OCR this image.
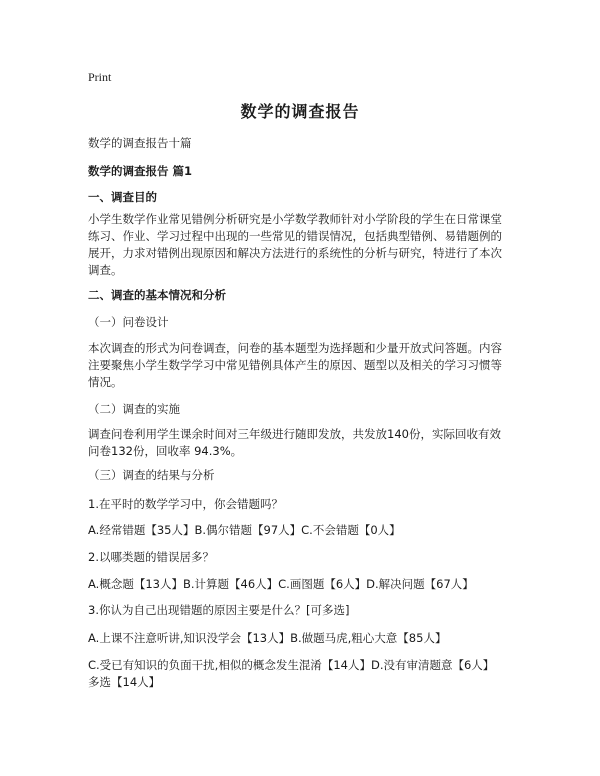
Print
数学的调查报告
数学的调查报告十篇
数学的调查报告 篇1
一、调查目的
小学生数学作业常见错例分析研究是小学数学教师针对小学阶段的学生在日常课堂
练习、作业、学习过程中出现的一些常见的错误情况，包括典型错例、易错题例的
展开，力求对错例出现原因和解决方法进行的系统性的分析与研究，特进行了本次
调查。
二、调查的基本情况和分析
（一）问卷设计
本次调查的形式为问卷调查，问卷的基本题型为选择题和少量开放式问答题。内容
注要聚焦小学生数学学习中常见错例具体产生的原因、题型以及相关的学习习惯等
情况。
（二）调查的实施
调查问卷利用学生课余时间对三年级进行随即发放，共发放140份，实际回收有效
问卷132份，回收率 94.3%。
（三）调查的结果与分析
1.在平时的数学学习中，你会错题吗？
A.经常错题【35人】B.偶尔错题【97人】C.不会错题【0人】
2.以哪类题的错误居多？
A.概念题【13人】B.计算题【46人】C.画图题【6人】D.解决问题【67人】
3.你认为自己出现错题的原因主要是什么？[可多选]
A.上课不注意听讲,知识没学会【13人】B.做题马虎,粗心大意【85人】
C.受已有知识的负面干扰,相似的概念发生混淆【14人】D.没有审清题意【6人】
多选【14人】
